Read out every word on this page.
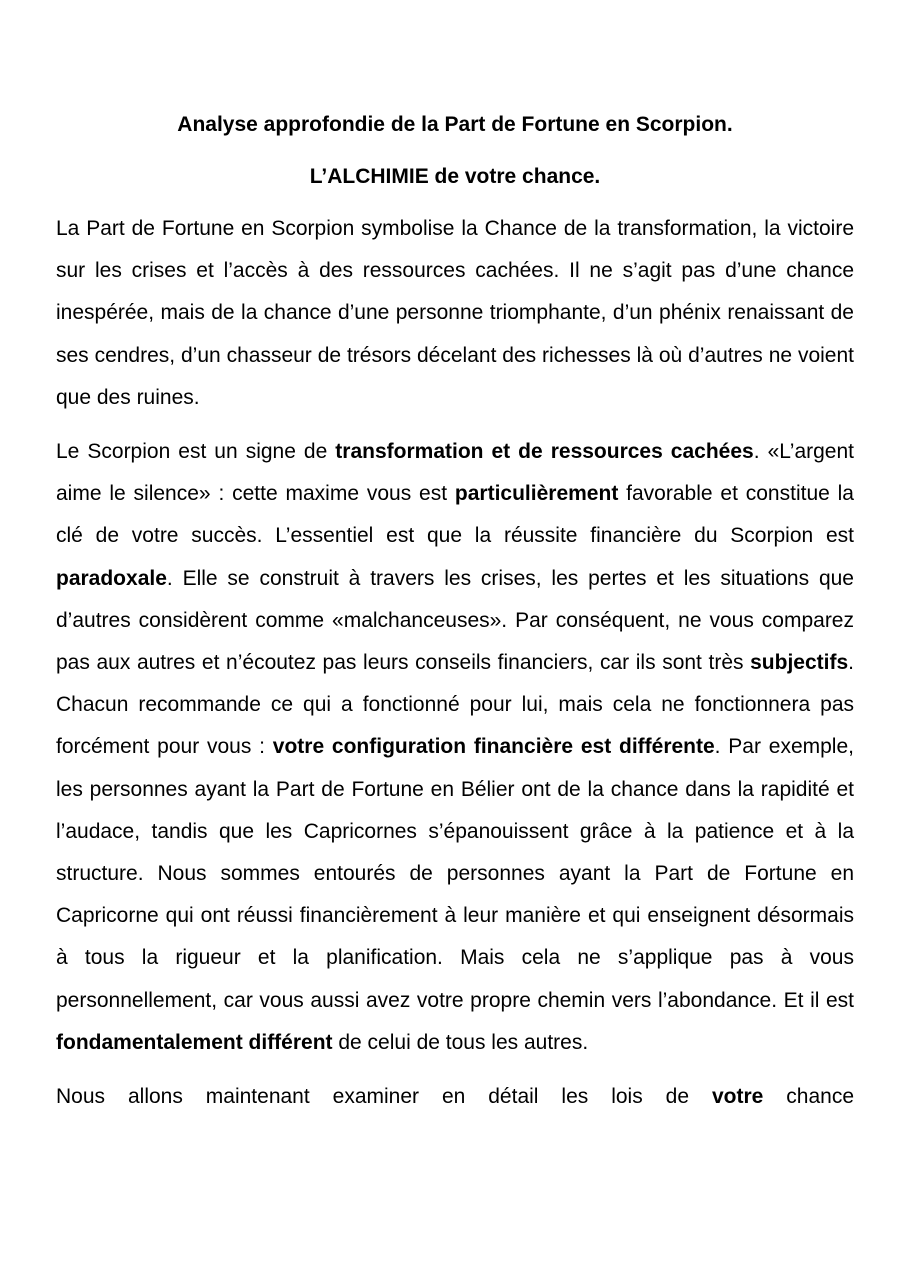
Analyse approfondie de la Part de Fortune en Scorpion.
L’ALCHIMIE de votre chance.

La Part de Fortune en Scorpion symbolise la Chance de la transformation, la victoire sur les crises et l’accès à des ressources cachées. Il ne s’agit pas d’une chance inespérée, mais de la chance d’une personne triomphante, d’un phénix renaissant de ses cendres, d’un chasseur de trésors décelant des richesses là où d’autres ne voient que des ruines.

Le Scorpion est un signe de transformation et de ressources cachées. «L’argent aime le silence» : cette maxime vous est particulièrement favorable et constitue la clé de votre succès. L’essentiel est que la réussite financière du Scorpion est paradoxale. Elle se construit à travers les crises, les pertes et les situations que d’autres considèrent comme «malchanceuses». Par conséquent, ne vous comparez pas aux autres et n’écoutez pas leurs conseils financiers, car ils sont très subjectifs. Chacun recommande ce qui a fonctionné pour lui, mais cela ne fonctionnera pas forcément pour vous : votre configuration financière est différente. Par exemple, les personnes ayant la Part de Fortune en Bélier ont de la chance dans la rapidité et l’audace, tandis que les Capricornes s’épanouissent grâce à la patience et à la structure. Nous sommes entourés de personnes ayant la Part de Fortune en Capricorne qui ont réussi financièrement à leur manière et qui enseignent désormais à tous la rigueur et la planification. Mais cela ne s’applique pas à vous personnellement, car vous aussi avez votre propre chemin vers l’abondance. Et il est fondamentalement différent de celui de tous les autres.

Nous allons maintenant examiner en détail les lois de votre chance
